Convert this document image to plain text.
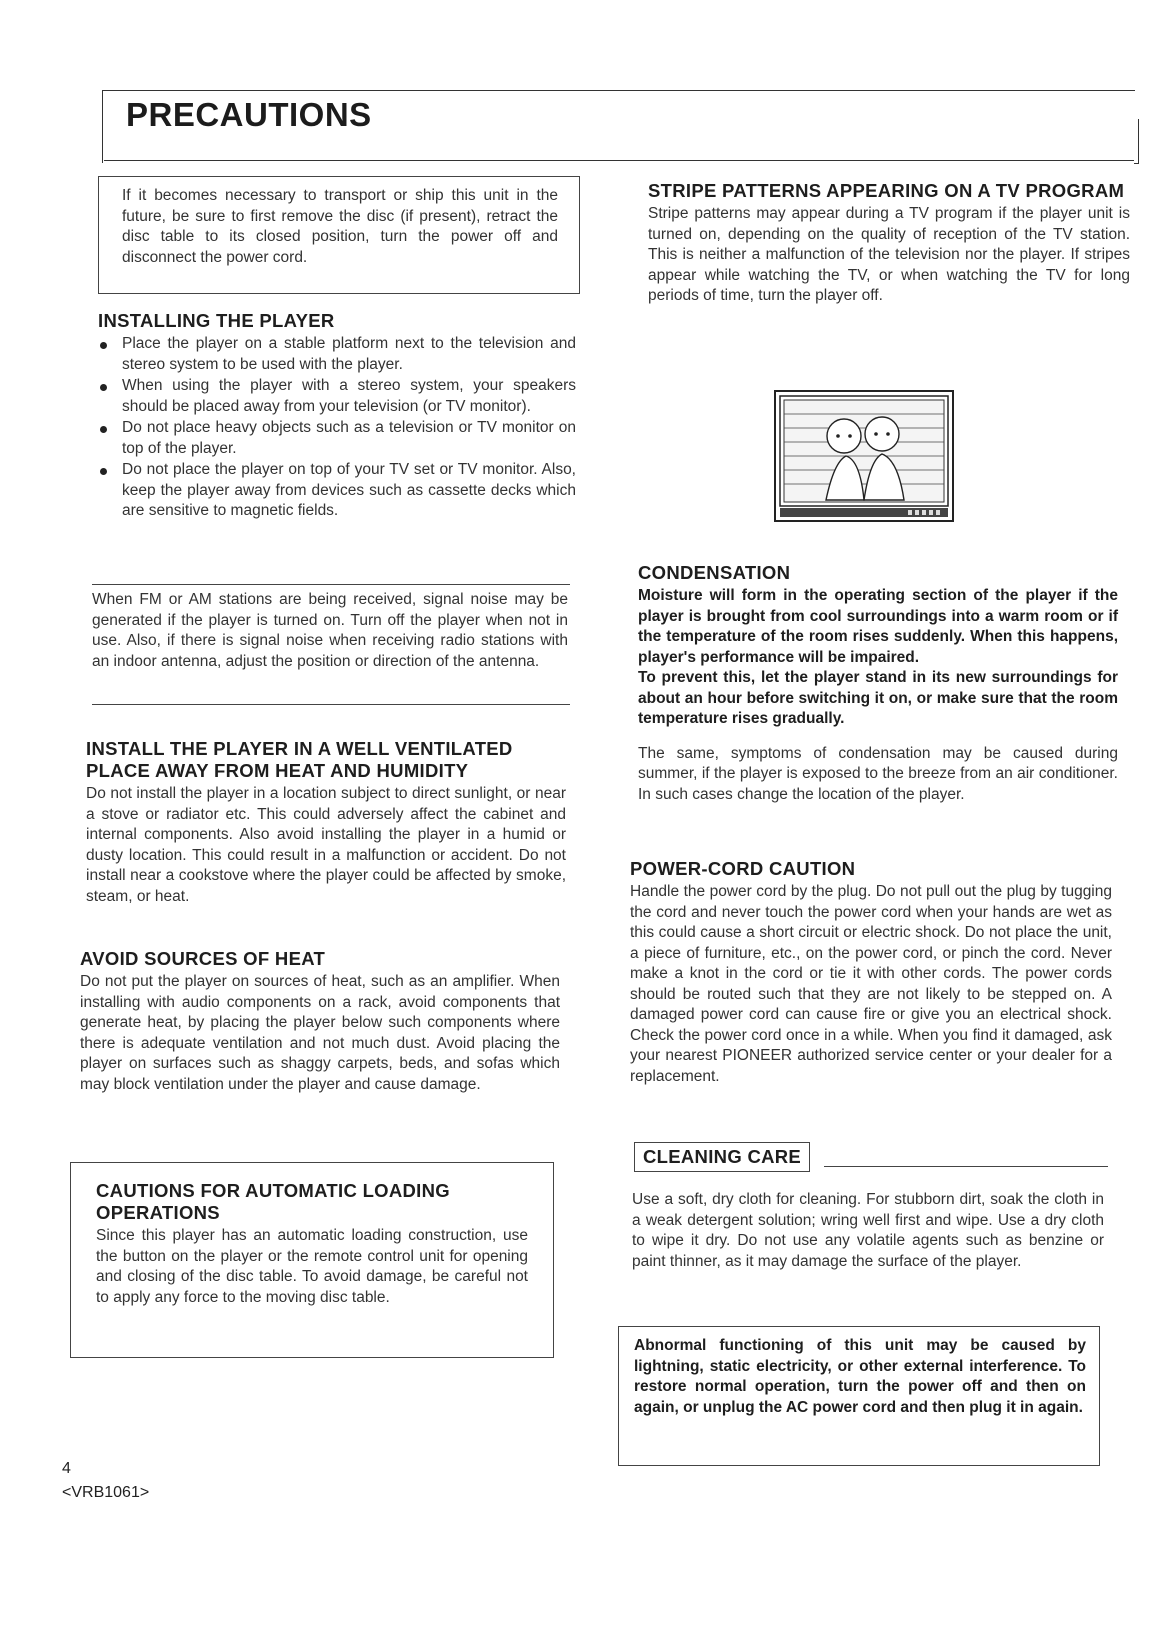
PRECAUTIONS

If it becomes necessary to transport or ship this unit in the future, be sure to first remove the disc (if present), retract the disc table to its closed position, turn the power off and disconnect the power cord.

INSTALLING THE PLAYER
Place the player on a stable platform next to the television and stereo system to be used with the player.
When using the player with a stereo system, your speakers should be placed away from your television (or TV monitor).
Do not place heavy objects such as a television or TV monitor on top of the player.
Do not place the player on top of your TV set or TV monitor. Also, keep the player away from devices such as cassette decks which are sensitive to magnetic fields.

When FM or AM stations are being received, signal noise may be generated if the player is turned on. Turn off the player when not in use. Also, if there is signal noise when receiving radio stations with an indoor antenna, adjust the position or direction of the antenna.

INSTALL THE PLAYER IN A WELL VENTILATED PLACE AWAY FROM HEAT AND HUMIDITY

Do not install the player in a location subject to direct sunlight, or near a stove or radiator etc. This could adversely affect the cabinet and internal components. Also avoid installing the player in a humid or dusty location. This could result in a malfunction or accident. Do not install near a cookstove where the player could be affected by smoke, steam, or heat.

AVOID SOURCES OF HEAT

Do not put the player on sources of heat, such as an amplifier. When installing with audio components on a rack, avoid components that generate heat, by placing the player below such components where there is adequate ventilation and not much dust. Avoid placing the player on surfaces such as shaggy carpets, beds, and sofas which may block ventilation under the player and cause damage.

CAUTIONS FOR AUTOMATIC LOADING OPERATIONS

Since this player has an automatic loading construction, use the button on the player or the remote control unit for opening and closing of the disc table. To avoid damage, be careful not to apply any force to the moving disc table.

STRIPE PATTERNS APPEARING ON A TV PROGRAM

Stripe patterns may appear during a TV program if the player unit is turned on, depending on the quality of reception of the TV station. This is neither a malfunction of the television nor the player. If stripes appear while watching the TV, or when watching the TV for long periods of time, turn the player off.

CONDENSATION

Moisture will form in the operating section of the player if the player is brought from cool surroundings into a warm room or if the temperature of the room rises suddenly. When this happens, player's performance will be impaired.

To prevent this, let the player stand in its new surroundings for about an hour before switching it on, or make sure that the room temperature rises gradually.

The same, symptoms of condensation may be caused during summer, if the player is exposed to the breeze from an air conditioner. In such cases change the location of the player.

POWER-CORD CAUTION

Handle the power cord by the plug. Do not pull out the plug by tugging the cord and never touch the power cord when your hands are wet as this could cause a short circuit or electric shock. Do not place the unit, a piece of furniture, etc., on the power cord, or pinch the cord. Never make a knot in the cord or tie it with other cords. The power cords should be routed such that they are not likely to be stepped on. A damaged power cord can cause fire or give you an electrical shock. Check the power cord once in a while. When you find it damaged, ask your nearest PIONEER authorized service center or your dealer for a replacement.

CLEANING CARE

Use a soft, dry cloth for cleaning. For stubborn dirt, soak the cloth in a weak detergent solution; wring well first and wipe. Use a dry cloth to wipe it dry. Do not use any volatile agents such as benzine or paint thinner, as it may damage the surface of the player.

Abnormal functioning of this unit may be caused by lightning, static electricity, or other external interference. To restore normal operation, turn the power off and then on again, or unplug the AC power cord and then plug it in again.

4
<VRB1061>
